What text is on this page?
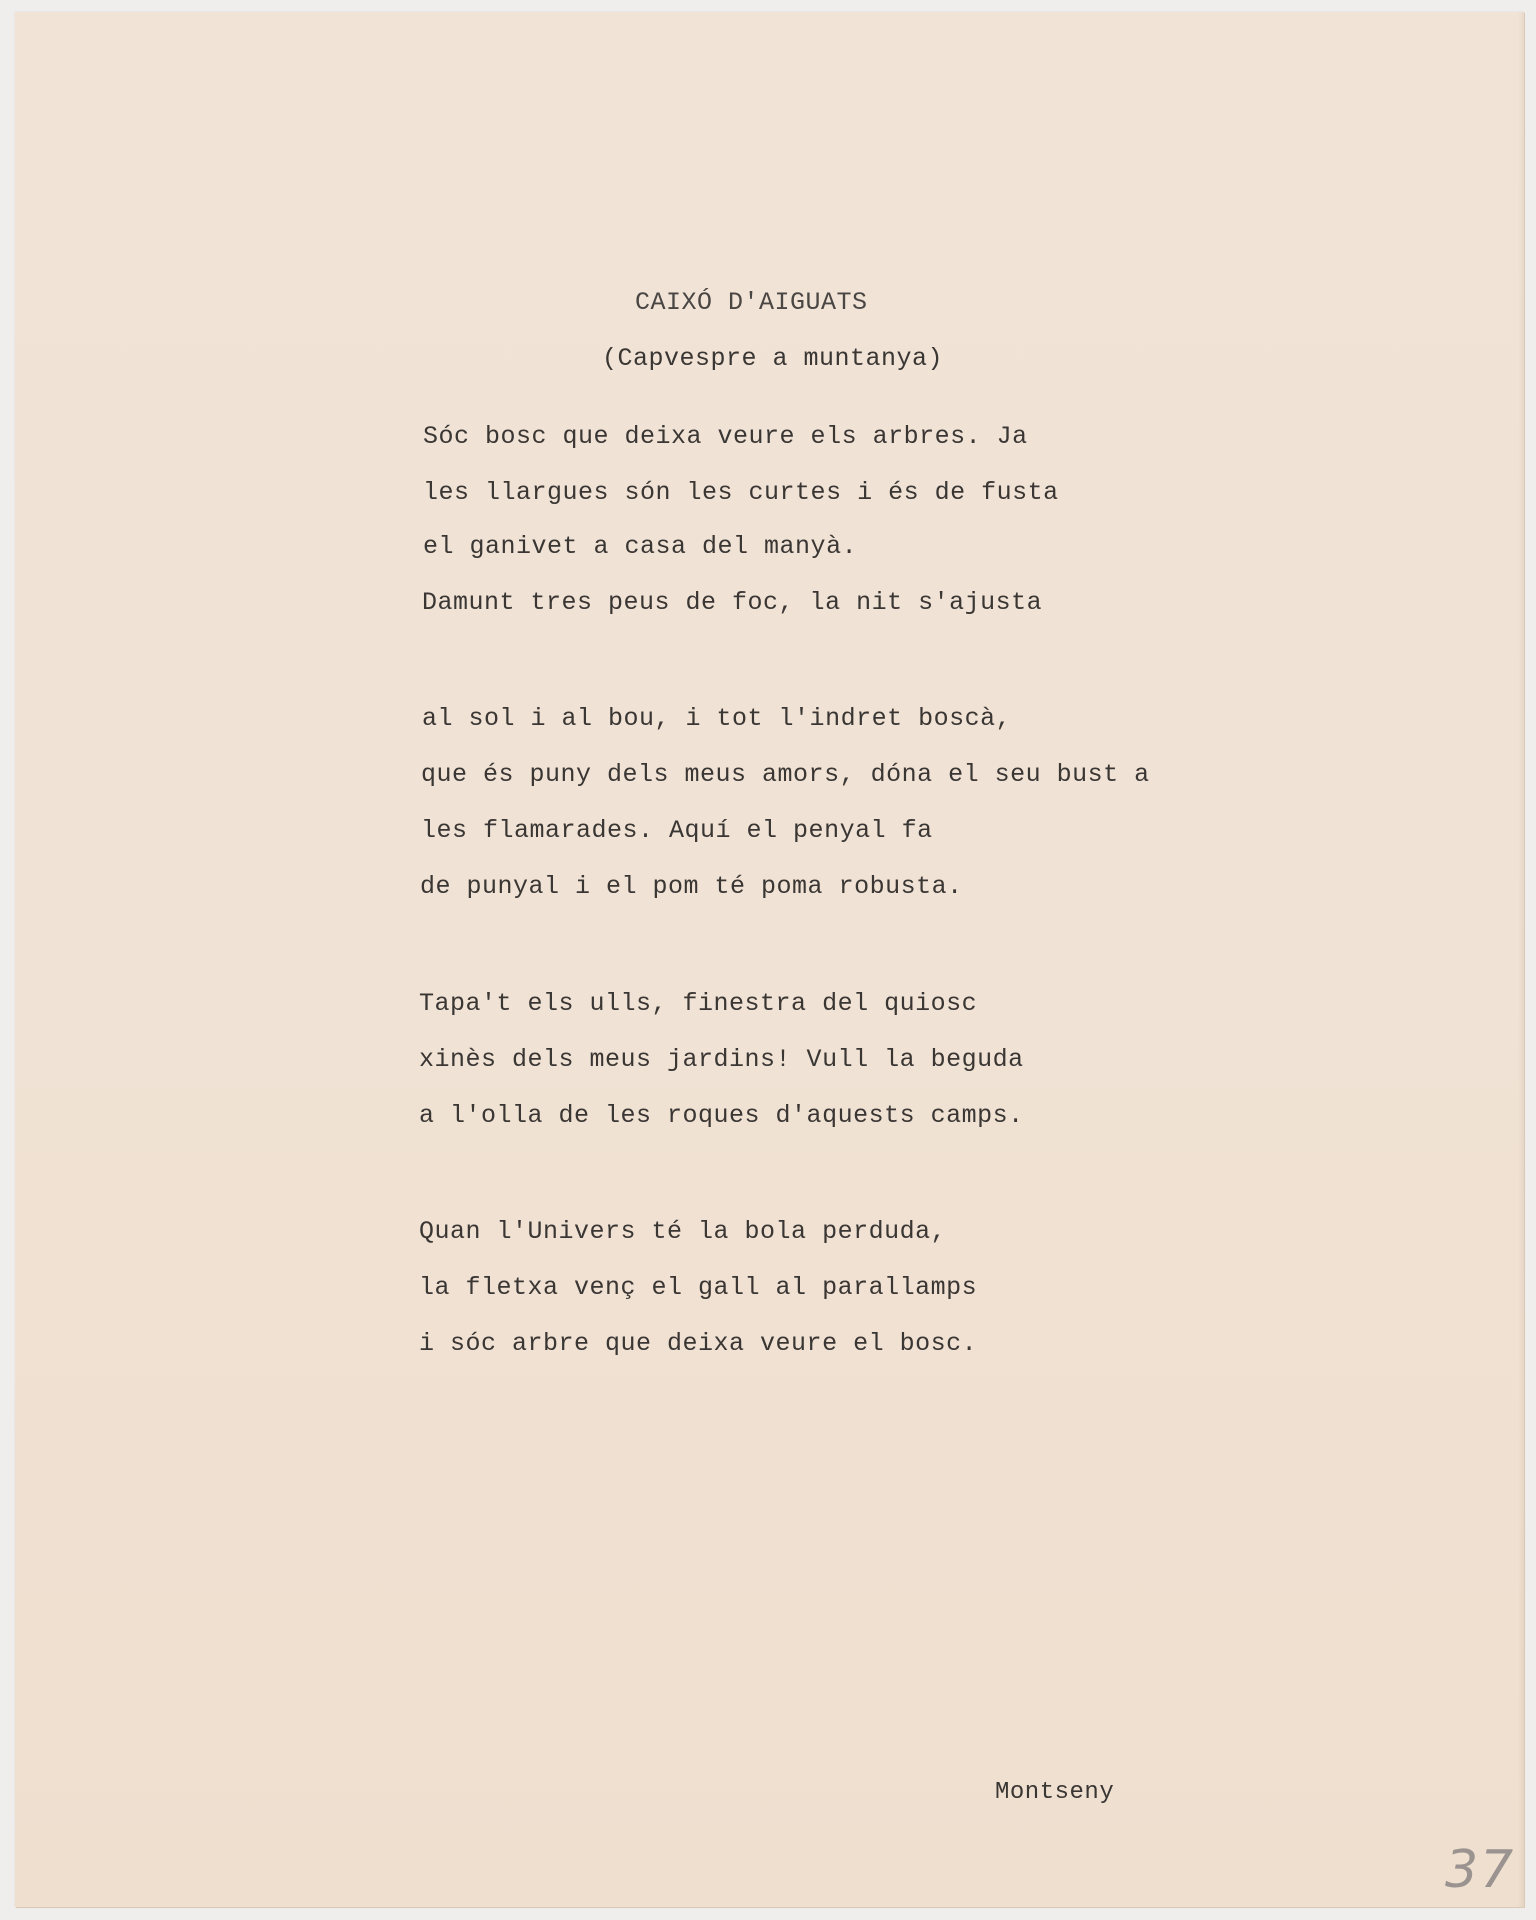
CAIXÓ D'AIGUATS
(Capvespre a muntanya)
Sóc bosc que deixa veure els arbres. Ja
les llargues són les curtes i és de fusta
el ganivet a casa del manyà.
Damunt tres peus de foc, la nit s'ajusta
al sol i al bou, i tot l'indret boscà,
que és puny dels meus amors, dóna el seu bust a
les flamarades. Aquí el penyal fa
de punyal i el pom té poma robusta.
Tapa't els ulls, finestra del quiosc
xinès dels meus jardins! Vull la beguda
a l'olla de les roques d'aquests camps.
Quan l'Univers té la bola perduda,
la fletxa venç el gall al parallamps
i sóc arbre que deixa veure el bosc.
Montseny
37
